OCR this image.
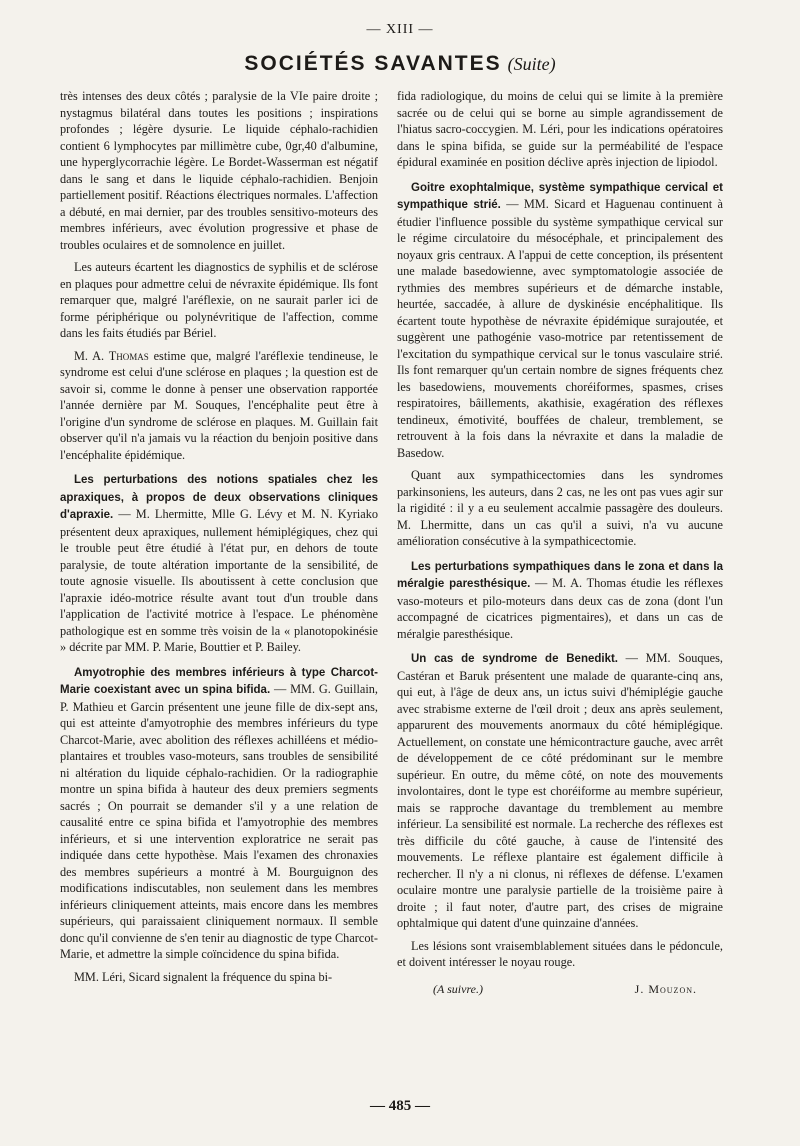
— XIII —
SOCIÉTÉS SAVANTES (Suite)

très intenses des deux côtés ; paralysie de la VIe paire droite ; nystagmus bilatéral dans toutes les positions ; inspirations profondes ; légère dysurie. Le liquide céphalo-rachidien contient 6 lymphocytes par millimètre cube, 0gr,40 d'albumine, une hyperglycorrachie légère. Le Bordet-Wasserman est négatif dans le sang et dans le liquide céphalo-rachidien. Benjoin partiellement positif. Réactions électriques normales. L'affection a débuté, en mai dernier, par des troubles sensitivo-moteurs des membres inférieurs, avec évolution progressive et phase de troubles oculaires et de somnolence en juillet.

Les auteurs écartent les diagnostics de syphilis et de sclérose en plaques pour admettre celui de névraxite épidémique. Ils font remarquer que, malgré l'aréflexie, on ne saurait parler ici de forme périphérique ou polynévritique de l'affection, comme dans les faits étudiés par Bériel.

M. A. Thomas estime que, malgré l'aréflexie tendineuse, le syndrome est celui d'une sclérose en plaques ; la question est de savoir si, comme le donne à penser une observation rapportée l'année dernière par M. Souques, l'encéphalite peut être à l'origine d'un syndrome de sclérose en plaques. M. Guillain fait observer qu'il n'a jamais vu la réaction du benjoin positive dans l'encéphalite épidémique.

Les perturbations des notions spatiales chez les apraxiques, à propos de deux observations cliniques d'apraxie. — M. Lhermitte, Mlle G. Lévy et M. N. Kyriako présentent deux apraxiques, nullement hémiplégiques, chez qui le trouble peut être étudié à l'état pur, en dehors de toute paralysie, de toute altération importante de la sensibilité, de toute agnosie visuelle. Ils aboutissent à cette conclusion que l'apraxie idéo-motrice résulte avant tout d'un trouble dans l'application de l'activité motrice à l'espace. Le phénomène pathologique est en somme très voisin de la « planotopokinésie » décrite par MM. P. Marie, Bouttier et P. Bailey.

Amyotrophie des membres inférieurs à type Charcot-Marie coexistant avec un spina bifida. — MM. G. Guillain, P. Mathieu et Garcin présentent une jeune fille de dix-sept ans, qui est atteinte d'amyotrophie des membres inférieurs du type Charcot-Marie, avec abolition des réflexes achilléens et médio-plantaires et troubles vaso-moteurs, sans troubles de sensibilité ni altération du liquide céphalo-rachidien. Or la radiographie montre un spina bifida à hauteur des deux premiers segments sacrés ; On pourrait se demander s'il y a une relation de causalité entre ce spina bifida et l'amyotrophie des membres inférieurs, et si une intervention exploratrice ne serait pas indiquée dans cette hypothèse. Mais l'examen des chronaxies des membres supérieurs a montré à M. Bourguignon des modifications indiscutables, non seulement dans les membres inférieurs cliniquement atteints, mais encore dans les membres supérieurs, qui paraissaient cliniquement normaux. Il semble donc qu'il convienne de s'en tenir au diagnostic de type Charcot-Marie, et admettre la simple coïncidence du spina bifida.

MM. Léri, Sicard signalent la fréquence du spina bi-

fida radiologique, du moins de celui qui se limite à la première sacrée ou de celui qui se borne au simple agrandissement de l'hiatus sacro-coccygien. M. Léri, pour les indications opératoires dans le spina bifida, se guide sur la perméabilité de l'espace épidural examinée en position déclive après injection de lipiodol.

Goitre exophtalmique, système sympathique cervical et sympathique strié. — MM. Sicard et Haguenau continuent à étudier l'influence possible du système sympathique cervical sur le régime circulatoire du mésocéphale, et principalement des noyaux gris centraux. A l'appui de cette conception, ils présentent une malade basedowienne, avec symptomatologie associée de rythmies des membres supérieurs et de démarche instable, heurtée, saccadée, à allure de dyskinésie encéphalitique. Ils écartent toute hypothèse de névraxite épidémique surajoutée, et suggèrent une pathogénie vaso-motrice par retentissement de l'excitation du sympathique cervical sur le tonus vasculaire strié. Ils font remarquer qu'un certain nombre de signes fréquents chez les basedowiens, mouvements choréiformes, spasmes, crises respiratoires, bâillements, akathisie, exagération des réflexes tendineux, émotivité, bouffées de chaleur, tremblement, se retrouvent à la fois dans la névraxite et dans la maladie de Basedow.

Quant aux sympathicectomies dans les syndromes parkinsoniens, les auteurs, dans 2 cas, ne les ont pas vues agir sur la rigidité : il y a eu seulement accalmie passagère des douleurs. M. Lhermitte, dans un cas qu'il a suivi, n'a vu aucune amélioration consécutive à la sympathicectomie.

Les perturbations sympathiques dans le zona et dans la méralgie paresthésique. — M. A. Thomas étudie les réflexes vaso-moteurs et pilo-moteurs dans deux cas de zona (dont l'un accompagné de cicatrices pigmentaires), et dans un cas de méralgie paresthésique.

Un cas de syndrome de Benedikt. — MM. Souques, Castéran et Baruk présentent une malade de quarante-cinq ans, qui eut, à l'âge de deux ans, un ictus suivi d'hémiplégie gauche avec strabisme externe de l'œil droit ; deux ans après seulement, apparurent des mouvements anormaux du côté hémiplégique. Actuellement, on constate une hémicontracture gauche, avec arrêt de développement de ce côté prédominant sur le membre supérieur. En outre, du même côté, on note des mouvements involontaires, dont le type est choréiforme au membre supérieur, mais se rapproche davantage du tremblement au membre inférieur. La sensibilité est normale. La recherche des réflexes est très difficile du côté gauche, à cause de l'intensité des mouvements. Le réflexe plantaire est également difficile à rechercher. Il n'y a ni clonus, ni réflexes de défense. L'examen oculaire montre une paralysie partielle de la troisième paire à droite ; il faut noter, d'autre part, des crises de migraine ophtalmique qui datent d'une quinzaine d'années.

Les lésions sont vraisemblablement situées dans le pédoncule, et doivent intéresser le noyau rouge.

(A suivre.)	J. Mouzon.
— 485 —
